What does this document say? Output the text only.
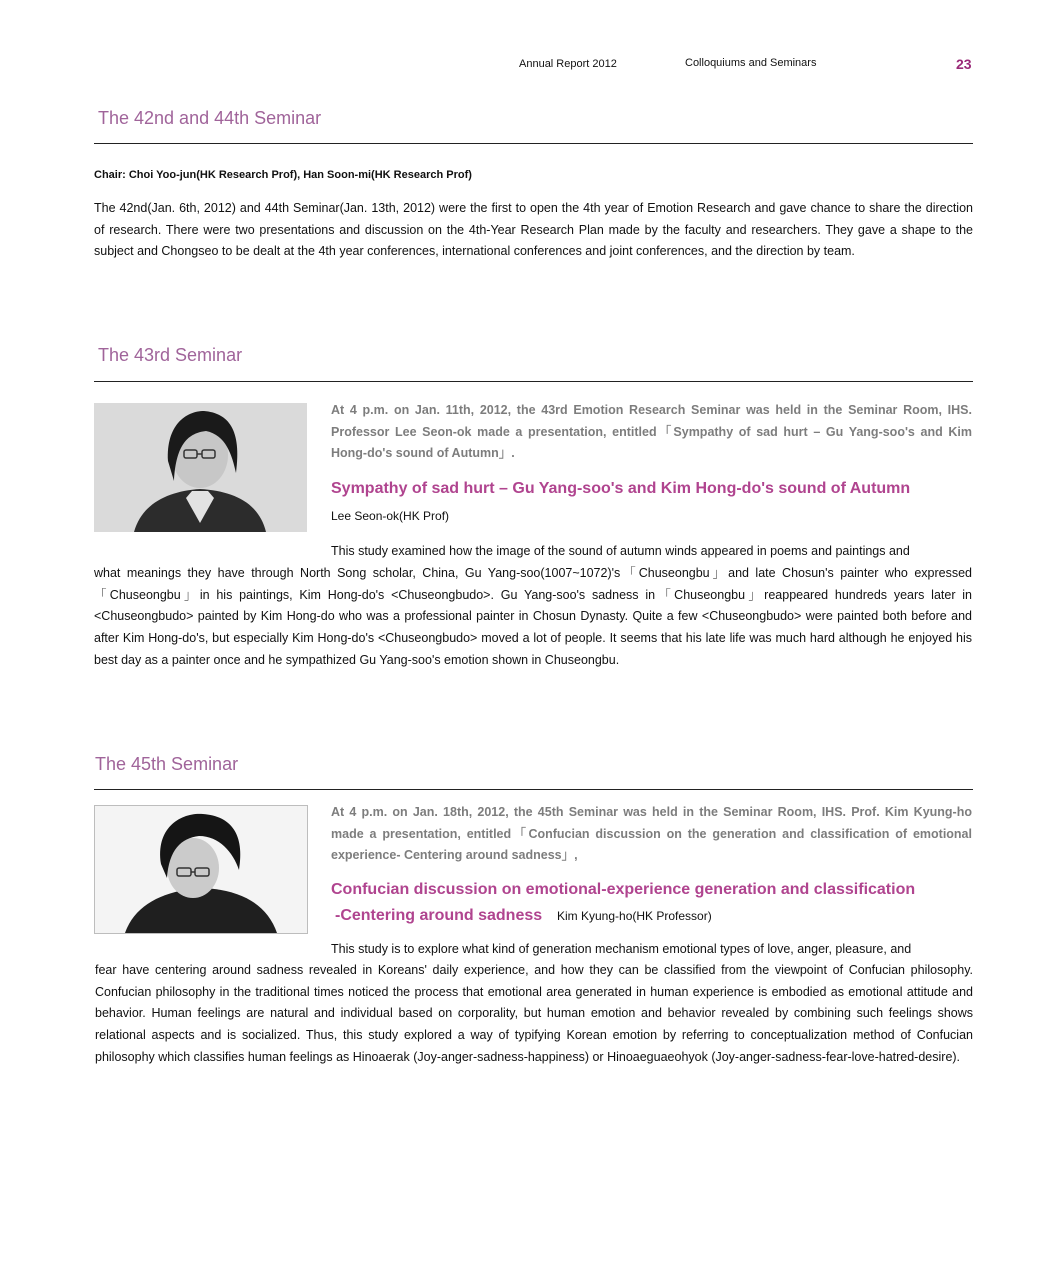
Annual Report 2012	Colloquiums and Seminars	23
The 42nd and 44th Seminar
Chair: Choi Yoo-jun(HK Research Prof), Han Soon-mi(HK Research Prof)
The 42nd(Jan. 6th, 2012) and 44th Seminar(Jan. 13th, 2012) were the first to open the 4th year of Emotion Research and gave chance to share the direction of research. There were two presentations and discussion on the 4th-Year Research Plan made by the faculty and researchers. They gave a shape to the subject and Chongseo to be dealt at the 4th year conferences, international conferences and joint conferences, and the direction by team.
The 43rd Seminar
At 4 p.m. on Jan. 11th, 2012, the 43rd Emotion Research Seminar was held in the Seminar Room, IHS. Professor Lee Seon-ok made a presentation, entitled「Sympathy of sad hurt – Gu Yang-soo's and Kim Hong-do's sound of Autumn」.
Sympathy of sad hurt – Gu Yang-soo's and Kim Hong-do's sound of Autumn
Lee Seon-ok(HK Prof)
This study examined how the image of the sound of autumn winds appeared in poems and paintings and
what meanings they have through North Song scholar, China, Gu Yang-soo(1007~1072)'s「Chuseongbu」and late Chosun's painter who expressed「Chuseongbu」in his paintings, Kim Hong-do's <Chuseongbudo>. Gu Yang-soo's sadness in「Chuseongbu」reappeared hundreds years later in <Chuseongbudo> painted by Kim Hong-do who was a professional painter in Chosun Dynasty. Quite a few <Chuseongbudo> were painted both before and after Kim Hong-do's, but especially Kim Hong-do's <Chuseongbudo> moved a lot of people. It seems that his late life was much hard although he enjoyed his best day as a painter once and he sympathized Gu Yang-soo's emotion shown in Chuseongbu.
The 45th Seminar
At 4 p.m. on Jan. 18th, 2012, the 45th Seminar was held in the Seminar Room, IHS. Prof. Kim Kyung-ho made a presentation, entitled「Confucian discussion on the generation and classification of emotional experience- Centering around sadness」,
Confucian discussion on emotional-experience generation and classification
-Centering around sadness Kim Kyung-ho(HK Professor)
This study is to explore what kind of generation mechanism emotional types of love, anger, pleasure, and
fear have centering around sadness revealed in Koreans' daily experience, and how they can be classified from the viewpoint of Confucian philosophy. Confucian philosophy in the traditional times noticed the process that emotional area generated in human experience is embodied as emotional attitude and behavior. Human feelings are natural and individual based on corporality, but human emotion and behavior revealed by combining such feelings shows relational aspects and is socialized. Thus, this study explored a way of typifying Korean emotion by referring to conceptualization method of Confucian philosophy which classifies human feelings as Hinoaerak (Joy-anger-sadness-happiness) or Hinoaeguaeohyok (Joy-anger-sadness-fear-love-hatred-desire).
